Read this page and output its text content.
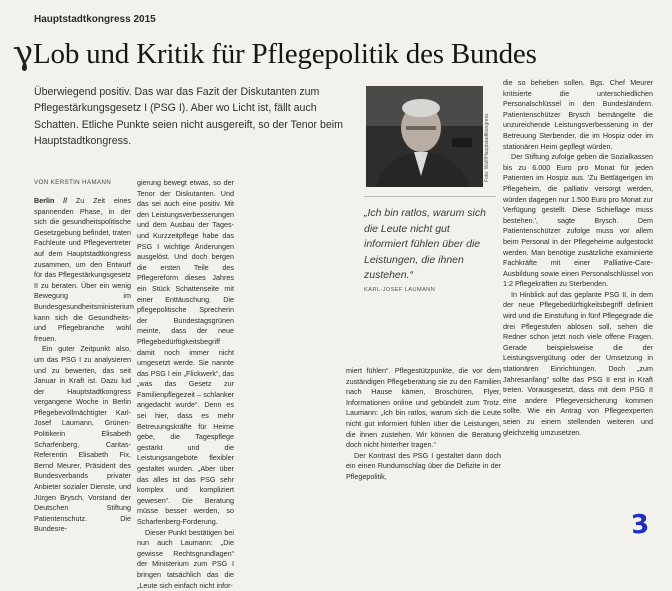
Hauptstadtkongress 2015
γ
Lob und Kritik für Pflegepolitik des Bundes
Überwiegend positiv. Das war das Fazit der Diskutanten zum Pflegestärkungsgesetz I (PSG I). Aber wo Licht ist, fällt auch Schatten. Etliche Punkte seien nicht ausgereift, so der Tenor beim Hauptstadtkongress.
VON KERSTIN HAMANN

Berlin // Zu Zeit eines spannenden Phase, in der sich die gesundheitspolitische Gesetzgebung befindet, traten Fachleute und Pflegevertreter auf dem Hauptstadtkongress zusammen, um den Entwurf für das Pflegestärkungsgesetz II zu beraten. Über ein wenig Bewegung im Bundesgesundheitsministerium kann sich die Gesundheits- und Pflegebranche wohl freuen.

Ein guter Zeitpunkt also, um das PSG I zu analysieren und zu bewerten, das seit Januar in Kraft ist. Dazu lud der Hauptstadtkongress vergangene Woche in Berlin Pflegebevollmächtigter Karl-Josef Laumann, Grünen-Politikerin Elisabeth Scharfenberg, Caritas-Referentin Elisabeth Fix, Bernd Meurer, Präsident des Bundesverbands privater Anbieter sozialer Dienste, und Jürgen Brysch, Vorstand der Deutschen Stiftung Patientenschutz. Die Bundesre-

gierung bewegt etwas, so der Tenor der Diskutanten. Und das sei auch eine positiv. Mit den Leistungsverbesserungen und dem Ausbau der Tages- und Kurzzeitpflege habe das PSG I wichtige Änderungen ausgelöst. Und doch bergen die ersten Teile des Pflegereform dieses Jahres ein Stück Schattenseite mit einer Enttäuschung. Die pflegepolitische Sprecherin der Bundestagsgrünen meinte, dass der neue Pflegebedürftigkeitsbegriff damit noch immer nicht umgesetzt werde. Sie nannte das PSG I ein „Flickwerk“, das „was das Gesetz zur Familienpflegezeit – schlanker angedacht wurde“. Denn es sei hier, dass es mehr Betreuungskräfte für Heime gebe, die Tagespflege gestärkt und die Leistungsangebote flexibler gestaltet wurden. „Aber über das alles ist das PSG sehr komplex und kompliziert gewesen“. Die Beratung müsse besser werden, so Scharfenberg-Forderung.

Dieser Punkt bestätigen bei nun auch Laumann: „Die gewisse Rechtsgrundlagen“ der Ministerium zum PSG I bringen tatsächlich das die „Leute sich einfach nicht infor-

Foto: Wolf/Hauptstadtkongress
„Ich bin ratlos, warum sich die Leute nicht gut informiert fühlen über die Leistungen, die ihnen zustehen.“
KARL-JOSEF LAUMANN

miert fühlen“. Pflegestützpunkte, die vor dem zuständigen Pflegeberatung sie zu den Familien nach Hause kämen, Broschüren, Flyer, Informationen online und gebündelt zum Trotz. Laumann: „Ich bin ratlos, warum sich die Leute nicht gut informiert fühlen über die Leistungen, die ihnen zustehen. Wir können die Beratung doch nicht hinterher tragen.“

Der Kontrast des PSG I gestaltet dann doch ein einen Rundumschlag über die Defizite in der Pflegepolitik,

die so beheben sollen. Bgs. Chef Meurer kritisierte die unterschiedlichen Personalschlüssel in den Bundesländern. Patientenschützer Brysch bemängelte die unzureichende Leistungsverbesserung in der Betreuung Sterbender, die im Hospiz oder im stationären Heim gepflegt würden.

Der Stiftung zufolge geben die Sozialkassen bis zu 6.000 Euro pro Monat für jeden Patienten im Hospiz aus. 'Zu Bettlägerigen im Pflegeheim, die palliativ versorgt werden, würden dagegen nur 1.500 Euro pro Monat zur Verfügung gestellt. Diese Schieflage muss bestehen.', sagte Brysch. Dem Patientenschützer zufolge muss vor allem beim Personal in der Pflegeheime aufgestockt werden. Man benötige zusätzliche examinierte Fachkräfte mit einer Palliative-Care-Ausbildung sowie einen Personalschlüssel von 1:2 Pflegekräften zu Sterbenden.

In Hinblick auf das geplante PSG II, in dem der neue Pflegebedürftigkeitsbegriff definiert wird und die Einstufung in fünf Pflegegrade die drei Pflegestufen ablösen soll, sehen die Redner schon jetzt noch viele offene Fragen. Gerade beispielsweise die der Leistungsvergütung oder der Umsetzung in stationären Einrichtungen. Doch „zum Jahresanfang“ sollte das PSG II erst in Kraft treten. Vorausgesetzt, dass mit dem PSG II eine andere Pflegeversicherung kommen sollte. Wie ein Antrag von Pflegeexperten seien zu einem stellenden weiteren und gleichzeitig umzusetzen.

3
